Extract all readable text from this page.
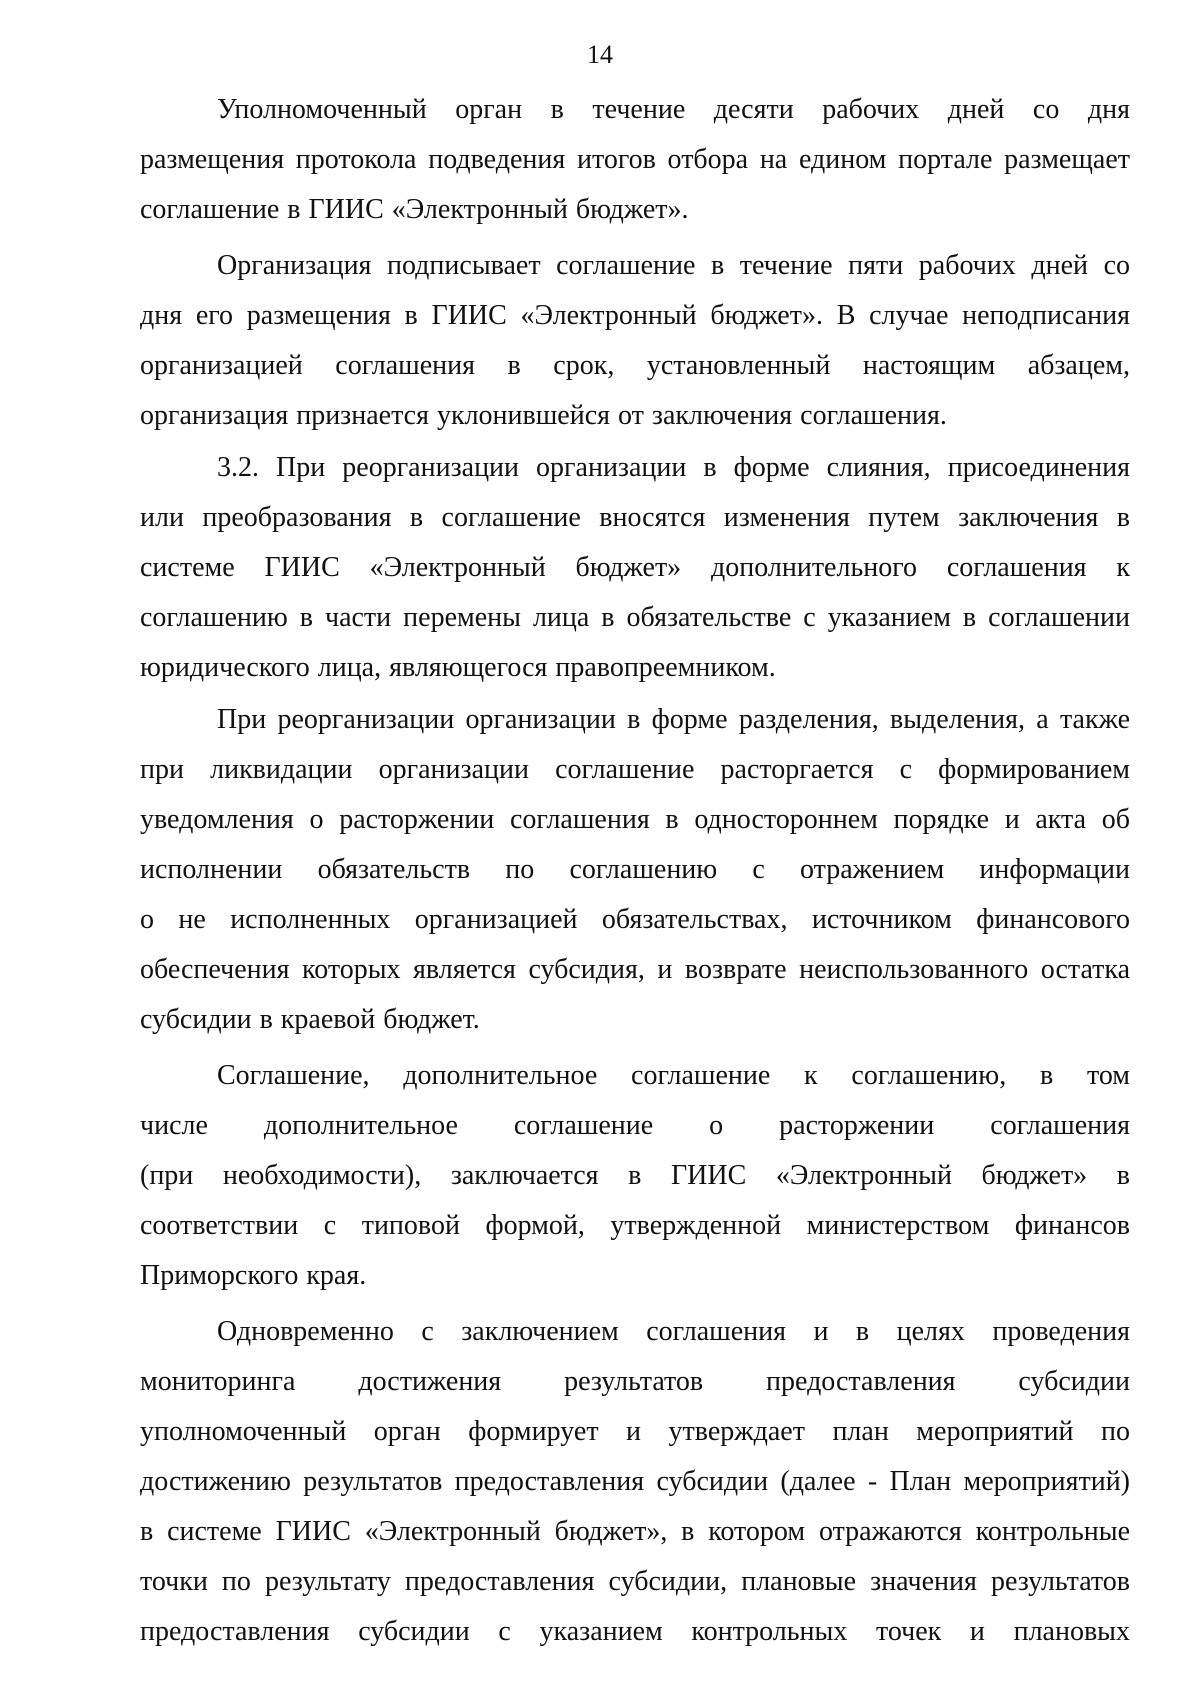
14
Уполномоченный орган в течение десяти рабочих дней со дня
размещения протокола подведения итогов отбора на едином портале размещает
соглашение в ГИИС «Электронный бюджет».
Организация подписывает соглашение в течение пяти рабочих дней со
дня его размещения в ГИИС «Электронный бюджет». В случае неподписания
организацией соглашения в срок, установленный настоящим абзацем,
организация признается уклонившейся от заключения соглашения.
3.2. При реорганизации организации в форме слияния, присоединения
или преобразования в соглашение вносятся изменения путем заключения в
системе ГИИС «Электронный бюджет» дополнительного соглашения к
соглашению в части перемены лица в обязательстве с указанием в соглашении
юридического лица, являющегося правопреемником.
При реорганизации организации в форме разделения, выделения, а также
при ликвидации организации соглашение расторгается с формированием
уведомления о расторжении соглашения в одностороннем порядке и акта об
исполнении обязательств по соглашению с отражением информации
о не исполненных организацией обязательствах, источником финансового
обеспечения которых является субсидия, и возврате неиспользованного остатка
субсидии в краевой бюджет.
Соглашение, дополнительное соглашение к соглашению, в том
числе дополнительное соглашение о расторжении соглашения
(при необходимости), заключается в ГИИС «Электронный бюджет» в
соответствии с типовой формой, утвержденной министерством финансов
Приморского края.
Одновременно с заключением соглашения и в целях проведения
мониторинга достижения результатов предоставления субсидии
уполномоченный орган формирует и утверждает план мероприятий по
достижению результатов предоставления субсидии (далее - План мероприятий)
в системе ГИИС «Электронный бюджет», в котором отражаются контрольные
точки по результату предоставления субсидии, плановые значения результатов
предоставления субсидии с указанием контрольных точек и плановых
